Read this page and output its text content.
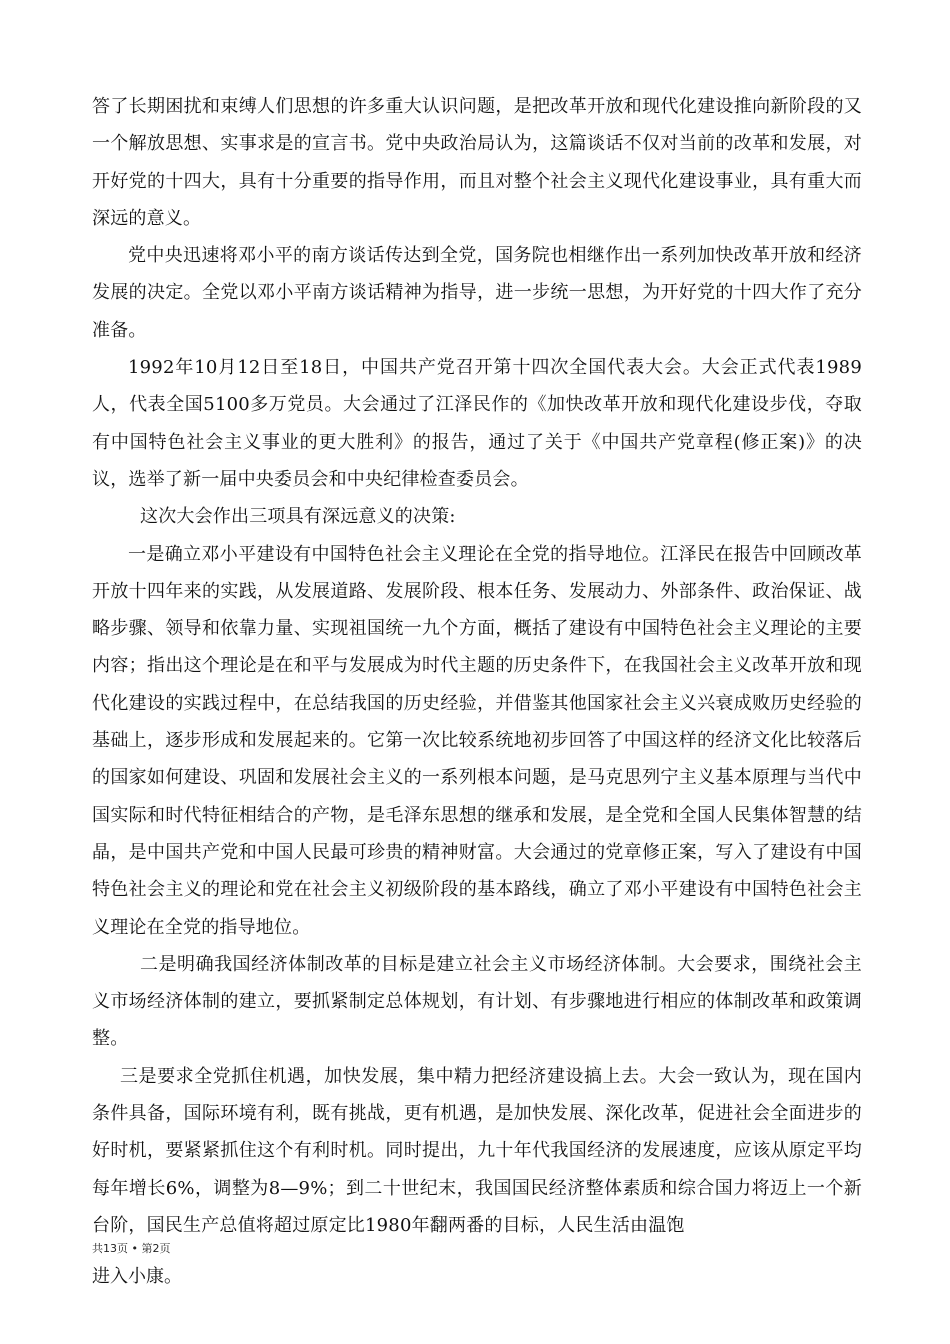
答了长期困扰和束缚人们思想的许多重大认识问题，是把改革开放和现代化建设推向新阶段的又一个解放思想、实事求是的宣言书。党中央政治局认为，这篇谈话不仅对当前的改革和发展，对开好党的十四大，具有十分重要的指导作用，而且对整个社会主义现代化建设事业，具有重大而深远的意义。

党中央迅速将邓小平的南方谈话传达到全党，国务院也相继作出一系列加快改革开放和经济发展的决定。全党以邓小平南方谈话精神为指导，进一步统一思想，为开好党的十四大作了充分准备。

1992年10月12日至18日，中国共产党召开第十四次全国代表大会。大会正式代表1989人，代表全国5100多万党员。大会通过了江泽民作的《加快改革开放和现代化建设步伐，夺取有中国特色社会主义事业的更大胜利》的报告，通过了关于《中国共产党章程(修正案)》的决议，选举了新一届中央委员会和中央纪律检查委员会。

这次大会作出三项具有深远意义的决策:

一是确立邓小平建设有中国特色社会主义理论在全党的指导地位。江泽民在报告中回顾改革开放十四年来的实践，从发展道路、发展阶段、根本任务、发展动力、外部条件、政治保证、战略步骤、领导和依靠力量、实现祖国统一九个方面，概括了建设有中国特色社会主义理论的主要内容；指出这个理论是在和平与发展成为时代主题的历史条件下，在我国社会主义改革开放和现代化建设的实践过程中，在总结我国的历史经验，并借鉴其他国家社会主义兴衰成败历史经验的基础上，逐步形成和发展起来的。它第一次比较系统地初步回答了中国这样的经济文化比较落后的国家如何建设、巩固和发展社会主义的一系列根本问题，是马克思列宁主义基本原理与当代中国实际和时代特征相结合的产物，是毛泽东思想的继承和发展，是全党和全国人民集体智慧的结晶，是中国共产党和中国人民最可珍贵的精神财富。大会通过的党章修正案，写入了建设有中国特色社会主义的理论和党在社会主义初级阶段的基本路线，确立了邓小平建设有中国特色社会主义理论在全党的指导地位。

二是明确我国经济体制改革的目标是建立社会主义市场经济体制。大会要求，围绕社会主义市场经济体制的建立，要抓紧制定总体规划，有计划、有步骤地进行相应的体制改革和政策调整。

三是要求全党抓住机遇，加快发展，集中精力把经济建设搞上去。大会一致认为，现在国内条件具备，国际环境有利，既有挑战，更有机遇，是加快发展、深化改革，促进社会全面进步的好时机，要紧紧抓住这个有利时机。同时提出，九十年代我国经济的发展速度，应该从原定平均每年增长6%，调整为8—9%；到二十世纪末，我国国民经济整体素质和综合国力将迈上一个新台阶，国民生产总值将超过原定比1980年翻两番的目标，人民生活由温饱

共13页 • 第2页
进入小康。
